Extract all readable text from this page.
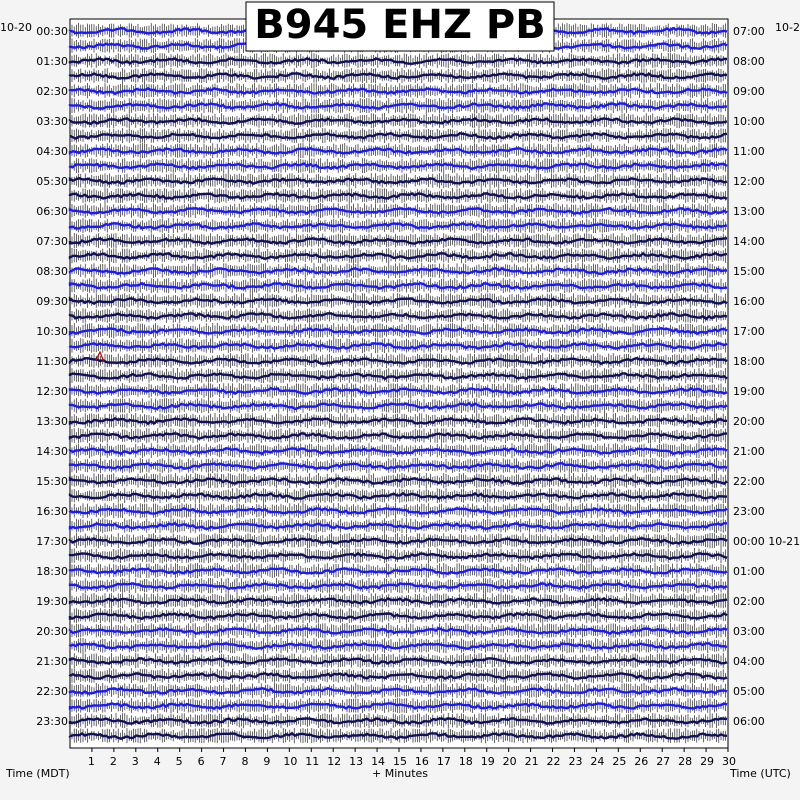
1 2 3 4 5 6 7 8 9 10 11 12 13 14 15 16 17 18 19 20 21 22 23 24 25 26 27 28 29 30
00:30
01:30
02:30
03:30
04:30
05:30
06:30
07:30
08:30
09:30
10:30
11:30
12:30
13:30
14:30
15:30
16:30
17:30
18:30
19:30
20:30
21:30
22:30
23:30
07:00
08:00
09:00
10:00
11:00
12:00
13:00
14:00
15:00
16:00
17:00
18:00
19:00
20:00
21:00
22:00
23:00
00:00 10-21
01:00
02:00
03:00
04:00
05:00
06:00
10-20	10-2
B945 EHZ PB
Time (MDT)	+ Minutes	Time (UTC)
